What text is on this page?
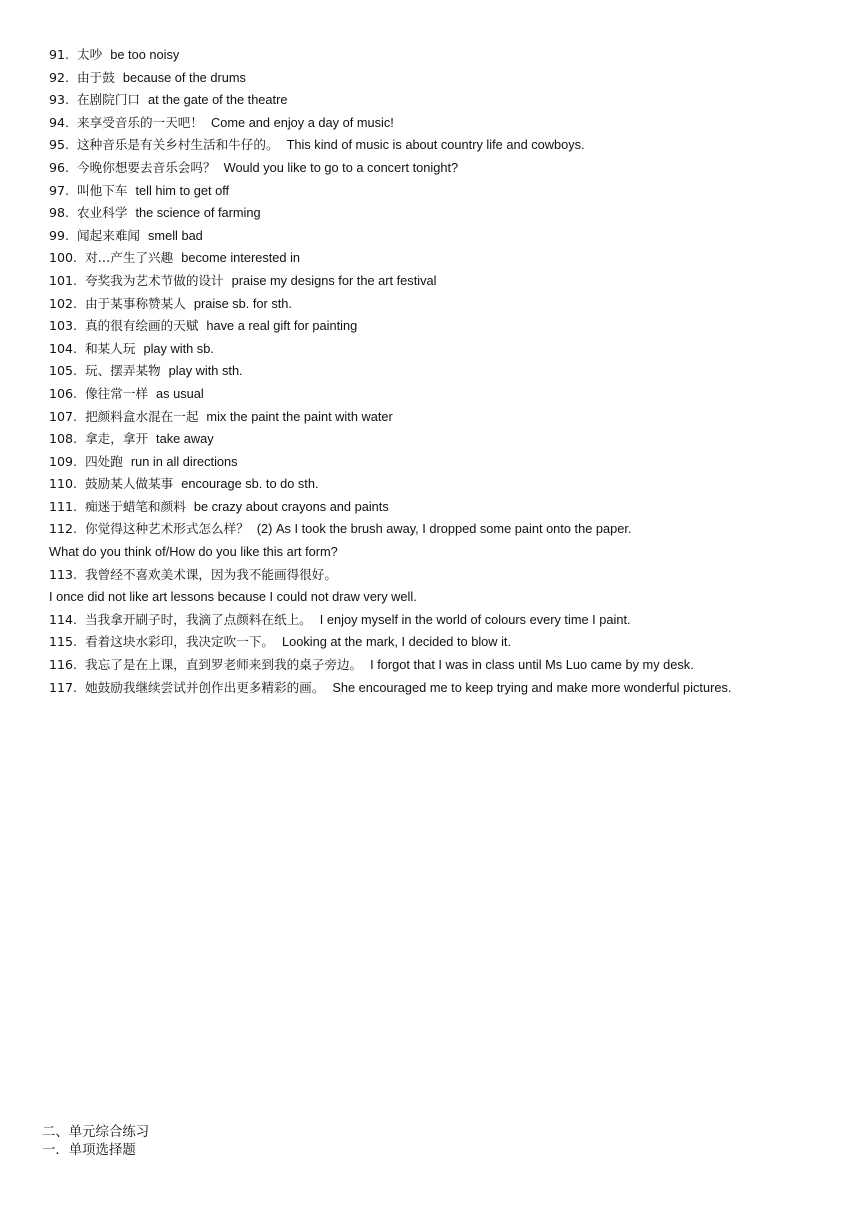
91. 太吵 be too noisy
92. 由于鼓 because of the drums
93. 在剧院门口 at the gate of the theatre
94. 来享受音乐的一天吧！ Come and enjoy a day of music!
95. 这种音乐是有关乡村生活和牛仔的。 This kind of music is about country life and cowboys.
96. 今晚你想要去音乐会吗？ Would you like to go to a concert tonight?
97. 叫他下车 tell him to get off
98. 农业科学 the science of farming
99. 闻起来难闻 smell bad
100. 对…产生了兴趣 become interested in
101. 夸奖我为艺术节做的设计 praise my designs for the art festival
102. 由于某事称赞某人 praise sb. for sth.
103. 真的很有绘画的天赋 have a real gift for painting
104. 和某人玩 play with sb.
105. 玩、摆弄某物 play with sth.
106. 像往常一样 as usual
107. 把颜料盒水混在一起 mix the paint the paint with water
108. 拿走，拿开 take away
109. 四处跑 run in all directions
110. 鼓励某人做某事 encourage sb. to do sth.
111. 痴迷于蜡笔和颜料 be crazy about crayons and paints
112. 你觉得这种艺术形式怎么样？ (2) As I took the brush away, I dropped some paint onto the paper.
What do you think of/How do you like this art form?
113. 我曾经不喜欢美术课，因为我不能画得很好。
I once did not like art lessons because I could not draw very well.
114. 当我拿开刷子时，我滴了点颜料在纸上。 I enjoy myself in the world of colours every time I paint.
115. 看着这块水彩印，我决定吹一下。 Looking at the mark, I decided to blow it.
116. 我忘了是在上课，直到罗老师来到我的桌子旁边。 I forgot that I was in class until Ms Luo came by my desk.
117. 她鼓励我继续尝试并创作出更多精彩的画。 She encouraged me to keep trying and make more wonderful pictures.
二、单元综合练习
一．单项选择题
